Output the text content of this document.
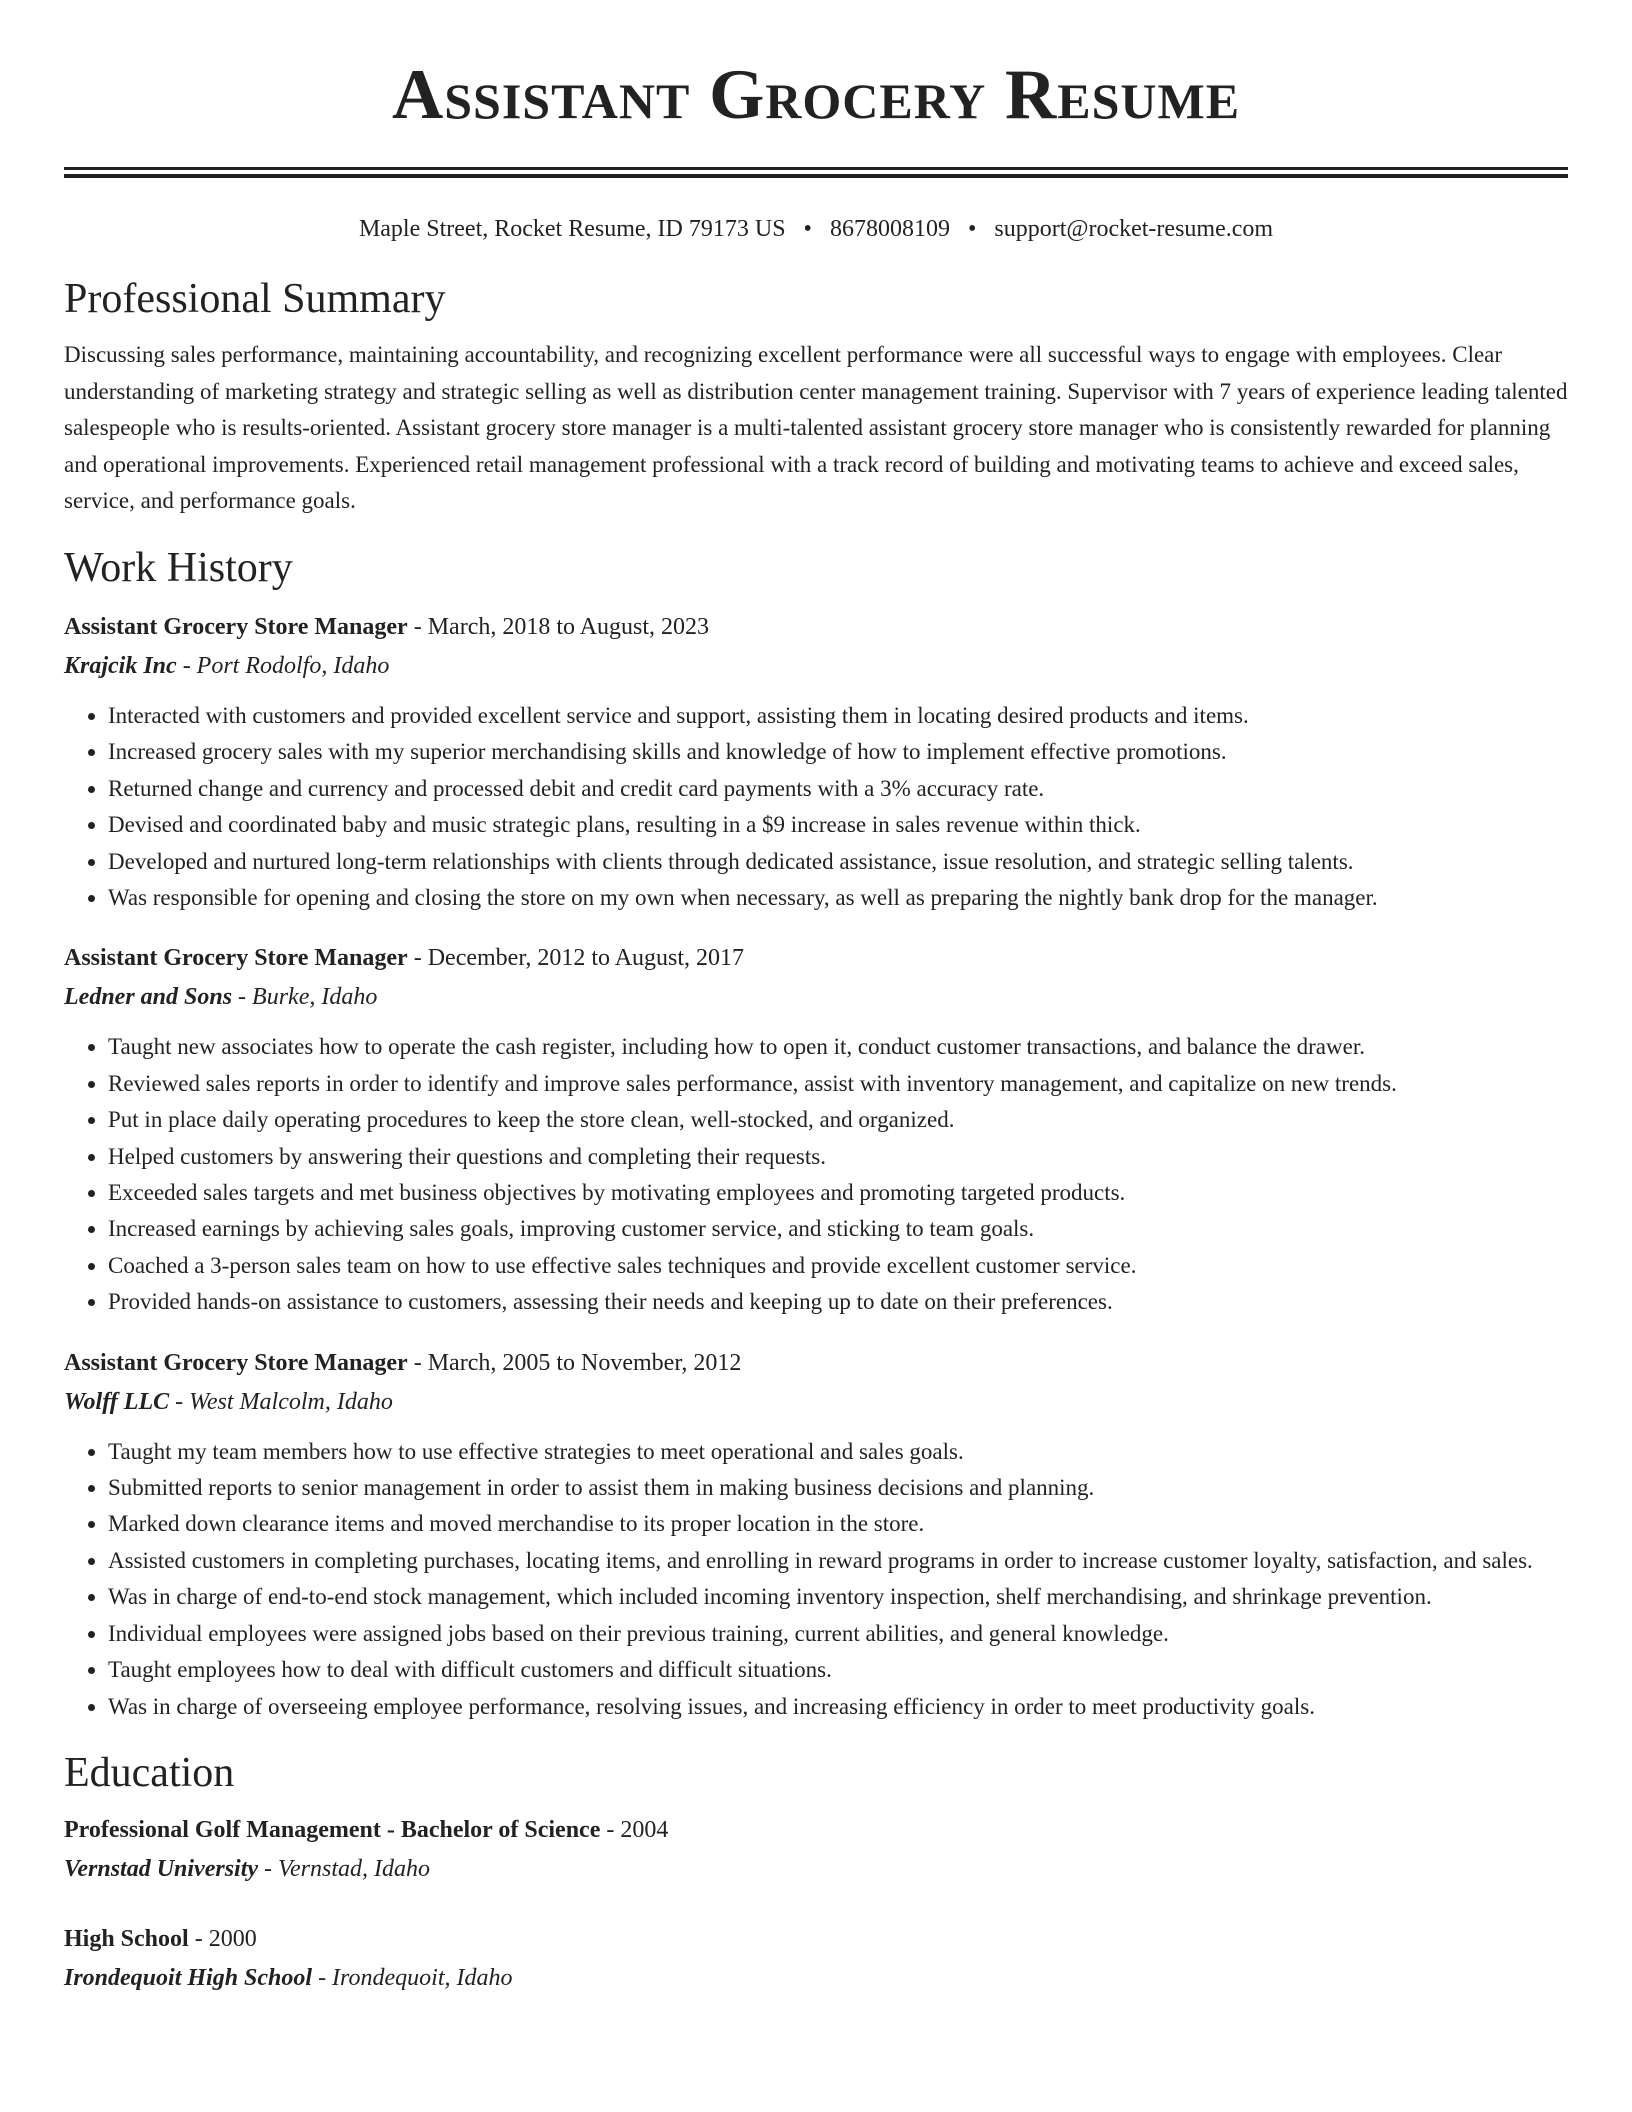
Assistant Grocery Resume
Maple Street, Rocket Resume, ID 79173 US • 8678008109 • support@rocket-resume.com
Professional Summary

Discussing sales performance, maintaining accountability, and recognizing excellent performance were all successful ways to engage with employees. Clear understanding of marketing strategy and strategic selling as well as distribution center management training. Supervisor with 7 years of experience leading talented salespeople who is results-oriented. Assistant grocery store manager is a multi-talented assistant grocery store manager who is consistently rewarded for planning and operational improvements. Experienced retail management professional with a track record of building and motivating teams to achieve and exceed sales, service, and performance goals.

Work History
Assistant Grocery Store Manager - March, 2018 to August, 2023
Krajcik Inc - Port Rodolfo, Idaho
• Interacted with customers and provided excellent service and support, assisting them in locating desired products and items.
• Increased grocery sales with my superior merchandising skills and knowledge of how to implement effective promotions.
• Returned change and currency and processed debit and credit card payments with a 3% accuracy rate.
• Devised and coordinated baby and music strategic plans, resulting in a $9 increase in sales revenue within thick.
• Developed and nurtured long-term relationships with clients through dedicated assistance, issue resolution, and strategic selling talents.
• Was responsible for opening and closing the store on my own when necessary, as well as preparing the nightly bank drop for the manager.
Assistant Grocery Store Manager - December, 2012 to August, 2017
Ledner and Sons - Burke, Idaho
• Taught new associates how to operate the cash register, including how to open it, conduct customer transactions, and balance the drawer.
• Reviewed sales reports in order to identify and improve sales performance, assist with inventory management, and capitalize on new trends.
• Put in place daily operating procedures to keep the store clean, well-stocked, and organized.
• Helped customers by answering their questions and completing their requests.
• Exceeded sales targets and met business objectives by motivating employees and promoting targeted products.
• Increased earnings by achieving sales goals, improving customer service, and sticking to team goals.
• Coached a 3-person sales team on how to use effective sales techniques and provide excellent customer service.
• Provided hands-on assistance to customers, assessing their needs and keeping up to date on their preferences.
Assistant Grocery Store Manager - March, 2005 to November, 2012
Wolff LLC - West Malcolm, Idaho
• Taught my team members how to use effective strategies to meet operational and sales goals.
• Submitted reports to senior management in order to assist them in making business decisions and planning.
• Marked down clearance items and moved merchandise to its proper location in the store.
• Assisted customers in completing purchases, locating items, and enrolling in reward programs in order to increase customer loyalty, satisfaction, and sales.
• Was in charge of end-to-end stock management, which included incoming inventory inspection, shelf merchandising, and shrinkage prevention.
• Individual employees were assigned jobs based on their previous training, current abilities, and general knowledge.
• Taught employees how to deal with difficult customers and difficult situations.
• Was in charge of overseeing employee performance, resolving issues, and increasing efficiency in order to meet productivity goals.
Education
Professional Golf Management - Bachelor of Science - 2004
Vernstad University - Vernstad, Idaho
High School - 2000
Irondequoit High School - Irondequoit, Idaho
